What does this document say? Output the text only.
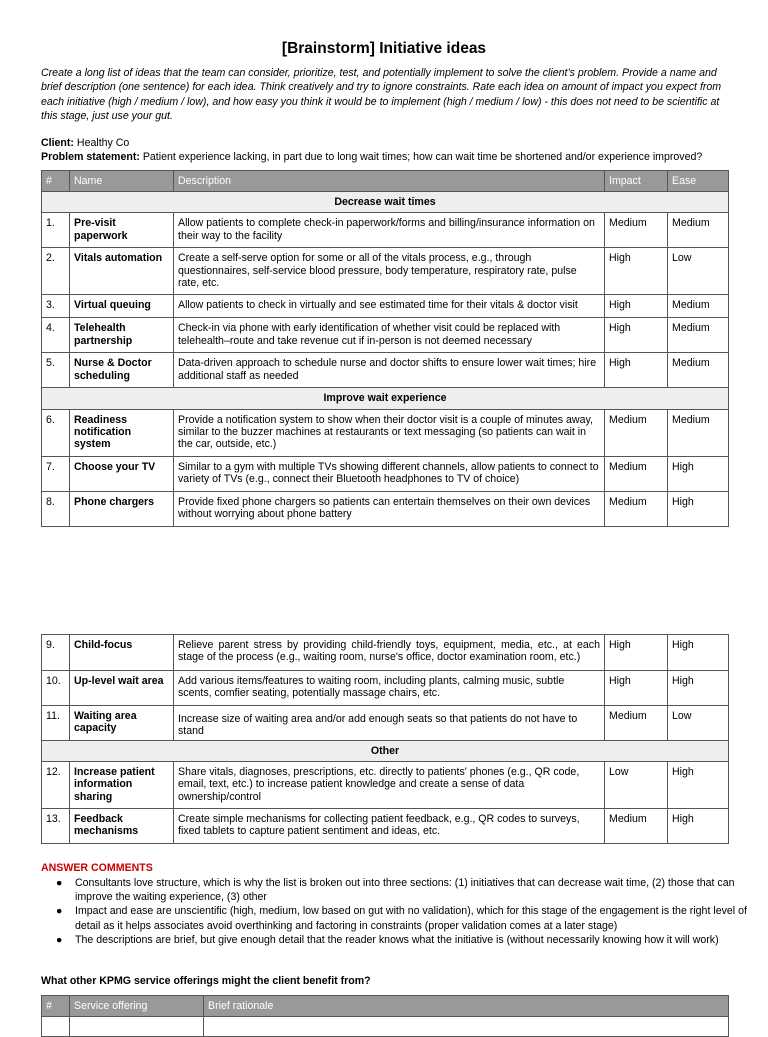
[Brainstorm] Initiative ideas
Create a long list of ideas that the team can consider, prioritize, test, and potentially implement to solve the client’s problem. Provide a name and brief description (one sentence) for each idea. Think creatively and try to ignore constraints. Rate each idea on amount of impact you expect from each initiative (high / medium / low), and how easy you think it would be to implement (high / medium / low) - this does not need to be scientific at this stage, just use your gut.
Client: Healthy Co
Problem statement: Patient experience lacking, in part due to long wait times; how can wait time be shortened and/or experience improved?
#	Name	Description	Impact	Ease
Decrease wait times				
1.	Pre-visit paperwork	Allow patients to complete check-in paperwork/forms and billing/insurance information on their way to the facility	Medium	Medium
2.	Vitals automation	Create a self-serve option for some or all of the vitals process, e.g., through questionnaires, self-service blood pressure, body temperature, respiratory rate, pulse rate, etc.	High	Low
3.	Virtual queuing	Allow patients to check in virtually and see estimated time for their vitals & doctor visit	High	Medium
4.	Telehealth partnership	Check-in via phone with early identification of whether visit could be replaced with telehealth–route and take revenue cut if in-person is not deemed necessary	High	Medium
5.	Nurse & Doctor scheduling	Data-driven approach to schedule nurse and doctor shifts to ensure lower wait times; hire additional staff as needed	High	Medium
Improve wait experience				
6.	Readiness notification system	Provide a notification system to show when their doctor visit is a couple of minutes away, similar to the buzzer machines at restaurants or text messaging (so patients can wait in the car, outside, etc.)	Medium	Medium
7.	Choose your TV	Similar to a gym with multiple TVs showing different channels, allow patients to connect to variety of TVs (e.g., connect their Bluetooth headphones to TV of choice)	Medium	High
8.	Phone chargers	Provide fixed phone chargers so patients can entertain themselves on their own devices without worrying about phone battery	Medium	High
9.	Child-focus	Relieve parent stress by providing child-friendly toys, equipment, media, etc., at each stage of the process (e.g., waiting room, nurse's office, doctor examination room, etc.)	High	High
10.	Up-level wait area	Add various items/features to waiting room, including plants, calming music, subtle scents, comfier seating, potentially massage chairs, etc.	High	High
11.	Waiting area capacity	Increase size of waiting area and/or add enough seats so that patients do not have to stand	Medium	Low
Other				
12.	Increase patient information sharing	Share vitals, diagnoses, prescriptions, etc. directly to patients' phones (e.g., QR code, email, text, etc.) to increase patient knowledge and create a sense of data ownership/control	Low	High
13.	Feedback mechanisms	Create simple mechanisms for collecting patient feedback, e.g., QR codes to surveys, fixed tablets to capture patient sentiment and ideas, etc.	Medium	High
ANSWER COMMENTS
● Consultants love structure, which is why the list is broken out into three sections: (1) initiatives that can decrease wait time, (2) those that can improve the waiting experience, (3) other
● Impact and ease are unscientific (high, medium, low based on gut with no validation), which for this stage of the engagement is the right level of detail as it helps associates avoid overthinking and factoring in constraints (proper validation comes at a later stage)
● The descriptions are brief, but give enough detail that the reader knows what the initiative is (without necessarily knowing how it will work)
What other KPMG service offerings might the client benefit from?
#	Service offering	Brief rationale
